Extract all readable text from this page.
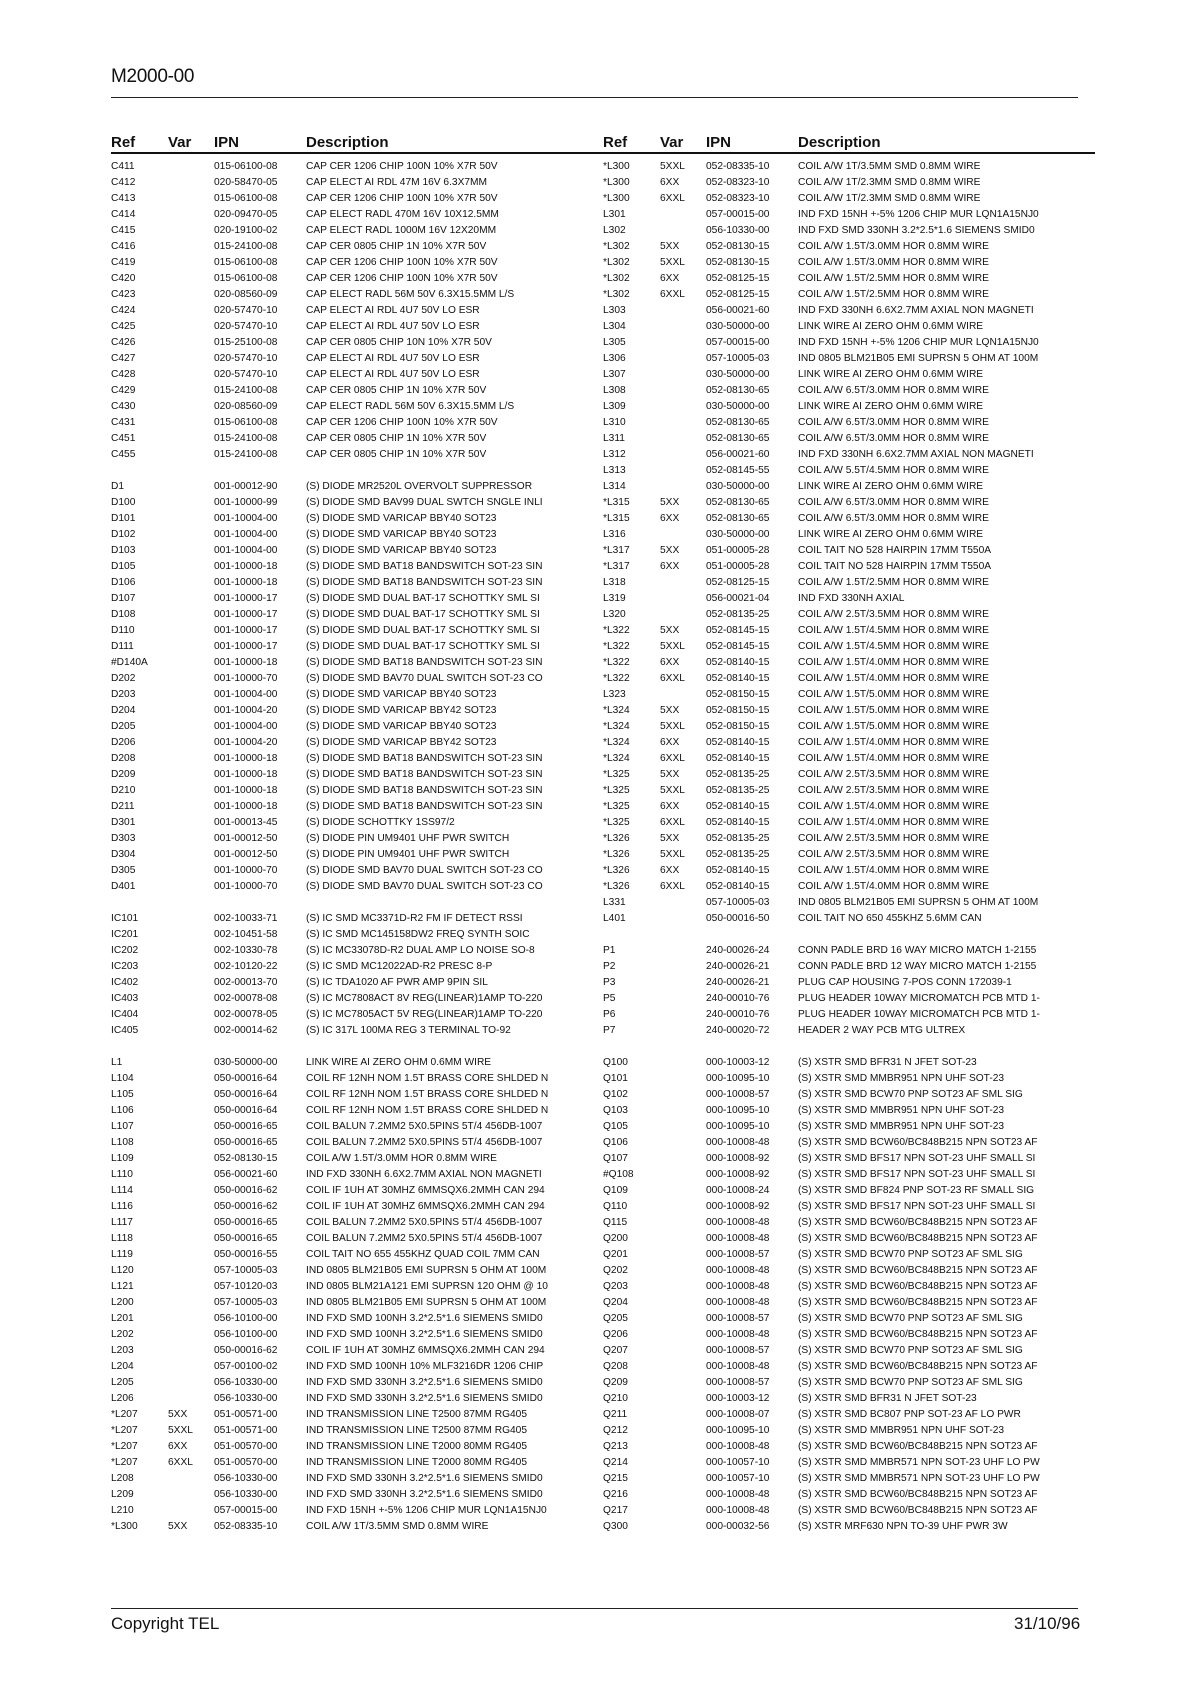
M2000-00
Ref	Var	IPN	Description
C411	015-06100-08	CAP CER 1206 CHIP 100N 10% X7R 50V
C412	020-58470-05	CAP ELECT AI RDL 47M 16V 6.3X7MM
C413	015-06100-08	CAP CER 1206 CHIP 100N 10% X7R 50V
C414	020-09470-05	CAP ELECT RADL 470M 16V 10X12.5MM
C415	020-19100-02	CAP ELECT RADL 1000M 16V 12X20MM
C416	015-24100-08	CAP CER 0805 CHIP 1N 10% X7R 50V
C419	015-06100-08	CAP CER 1206 CHIP 100N 10% X7R 50V
C420	015-06100-08	CAP CER 1206 CHIP 100N 10% X7R 50V
C423	020-08560-09	CAP ELECT RADL 56M 50V 6.3X15.5MM L/S
C424	020-57470-10	CAP ELECT AI RDL 4U7 50V LO ESR
C425	020-57470-10	CAP ELECT AI RDL 4U7 50V LO ESR
C426	015-25100-08	CAP CER 0805 CHIP 10N 10% X7R 50V
C427	020-57470-10	CAP ELECT AI RDL 4U7 50V LO ESR
C428	020-57470-10	CAP ELECT AI RDL 4U7 50V LO ESR
C429	015-24100-08	CAP CER 0805 CHIP 1N 10% X7R 50V
C430	020-08560-09	CAP ELECT RADL 56M 50V 6.3X15.5MM L/S
C431	015-06100-08	CAP CER 1206 CHIP 100N 10% X7R 50V
C451	015-24100-08	CAP CER 0805 CHIP 1N 10% X7R 50V
C455	015-24100-08	CAP CER 0805 CHIP 1N 10% X7R 50V
D1	001-00012-90	(S) DIODE MR2520L OVERVOLT SUPPRESSOR
D100	001-10000-99	(S) DIODE SMD BAV99 DUAL SWTCH SNGLE INLI
D101	001-10004-00	(S) DIODE SMD VARICAP BBY40 SOT23
D102	001-10004-00	(S) DIODE SMD VARICAP BBY40 SOT23
D103	001-10004-00	(S) DIODE SMD VARICAP BBY40 SOT23
D105	001-10000-18	(S) DIODE SMD BAT18 BANDSWITCH SOT-23 SIN
D106	001-10000-18	(S) DIODE SMD BAT18 BANDSWITCH SOT-23 SIN
D107	001-10000-17	(S) DIODE SMD DUAL BAT-17 SCHOTTKY SML SI
D108	001-10000-17	(S) DIODE SMD DUAL BAT-17 SCHOTTKY SML SI
D110	001-10000-17	(S) DIODE SMD DUAL BAT-17 SCHOTTKY SML SI
D111	001-10000-17	(S) DIODE SMD DUAL BAT-17 SCHOTTKY SML SI
#D140A	001-10000-18	(S) DIODE SMD BAT18 BANDSWITCH SOT-23 SIN
D202	001-10000-70	(S) DIODE SMD BAV70 DUAL SWITCH SOT-23 CO
D203	001-10004-00	(S) DIODE SMD VARICAP BBY40 SOT23
D204	001-10004-20	(S) DIODE SMD VARICAP BBY42 SOT23
D205	001-10004-00	(S) DIODE SMD VARICAP BBY40 SOT23
D206	001-10004-20	(S) DIODE SMD VARICAP BBY42 SOT23
D208	001-10000-18	(S) DIODE SMD BAT18 BANDSWITCH SOT-23 SIN
D209	001-10000-18	(S) DIODE SMD BAT18 BANDSWITCH SOT-23 SIN
D210	001-10000-18	(S) DIODE SMD BAT18 BANDSWITCH SOT-23 SIN
D211	001-10000-18	(S) DIODE SMD BAT18 BANDSWITCH SOT-23 SIN
D301	001-00013-45	(S) DIODE SCHOTTKY 1SS97/2
D303	001-00012-50	(S) DIODE PIN UM9401 UHF PWR SWITCH
D304	001-00012-50	(S) DIODE PIN UM9401 UHF PWR SWITCH
D305	001-10000-70	(S) DIODE SMD BAV70 DUAL SWITCH SOT-23 CO
D401	001-10000-70	(S) DIODE SMD BAV70 DUAL SWITCH SOT-23 CO
IC101	002-10033-71	(S) IC SMD MC3371D-R2 FM IF DETECT RSSI
IC201	002-10451-58	(S) IC SMD MC145158DW2 FREQ SYNTH SOIC
IC202	002-10330-78	(S) IC MC33078D-R2 DUAL AMP LO NOISE SO-8
IC203	002-10120-22	(S) IC SMD MC12022AD-R2 PRESC 8-P
IC402	002-00013-70	(S) IC TDA1020 AF PWR AMP 9PIN SIL
IC403	002-00078-08	(S) IC MC7808ACT 8V REG(LINEAR)1AMP TO-220
IC404	002-00078-05	(S) IC MC7805ACT 5V REG(LINEAR)1AMP TO-220
IC405	002-00014-62	(S) IC 317L 100MA REG 3 TERMINAL TO-92
L1	030-50000-00	LINK WIRE AI ZERO OHM 0.6MM WIRE
L104	050-00016-64	COIL RF 12NH NOM 1.5T BRASS CORE SHLDED N
L105	050-00016-64	COIL RF 12NH NOM 1.5T BRASS CORE SHLDED N
L106	050-00016-64	COIL RF 12NH NOM 1.5T BRASS CORE SHLDED N
L107	050-00016-65	COIL BALUN 7.2MM2 5X0.5PINS 5T/4 456DB-1007
L108	050-00016-65	COIL BALUN 7.2MM2 5X0.5PINS 5T/4 456DB-1007
L109	052-08130-15	COIL A/W 1.5T/3.0MM HOR 0.8MM WIRE
L110	056-00021-60	IND FXD 330NH 6.6X2.7MM AXIAL NON MAGNETI
L114	050-00016-62	COIL IF 1UH AT 30MHZ 6MMSQX6.2MMH CAN 294
L116	050-00016-62	COIL IF 1UH AT 30MHZ 6MMSQX6.2MMH CAN 294
L117	050-00016-65	COIL BALUN 7.2MM2 5X0.5PINS 5T/4 456DB-1007
L118	050-00016-65	COIL BALUN 7.2MM2 5X0.5PINS 5T/4 456DB-1007
L119	050-00016-55	COIL TAIT NO 655 455KHZ QUAD COIL 7MM CAN
L120	057-10005-03	IND 0805 BLM21B05 EMI SUPRSN 5 OHM AT 100M
L121	057-10120-03	IND 0805 BLM21A121 EMI SUPRSN 120 OHM @ 10
L200	057-10005-03	IND 0805 BLM21B05 EMI SUPRSN 5 OHM AT 100M
L201	056-10100-00	IND FXD SMD 100NH 3.2*2.5*1.6 SIEMENS SMID0
L202	056-10100-00	IND FXD SMD 100NH 3.2*2.5*1.6 SIEMENS SMID0
L203	050-00016-62	COIL IF 1UH AT 30MHZ 6MMSQX6.2MMH CAN 294
L204	057-00100-02	IND FXD SMD 100NH 10% MLF3216DR 1206 CHIP
L205	056-10330-00	IND FXD SMD 330NH 3.2*2.5*1.6 SIEMENS SMID0
L206	056-10330-00	IND FXD SMD 330NH 3.2*2.5*1.6 SIEMENS SMID0
*L207	5XX	051-00571-00	IND TRANSMISSION LINE T2500 87MM RG405
*L207	5XXL	051-00571-00	IND TRANSMISSION LINE T2500 87MM RG405
*L207	6XX	051-00570-00	IND TRANSMISSION LINE T2000 80MM RG405
*L207	6XXL	051-00570-00	IND TRANSMISSION LINE T2000 80MM RG405
L208	056-10330-00	IND FXD SMD 330NH 3.2*2.5*1.6 SIEMENS SMID0
L209	056-10330-00	IND FXD SMD 330NH 3.2*2.5*1.6 SIEMENS SMID0
L210	057-00015-00	IND FXD 15NH +-5% 1206 CHIP MUR LQN1A15NJ0
*L300	5XX	052-08335-10	COIL A/W 1T/3.5MM SMD 0.8MM WIRE
Ref	Var	IPN	Description
*L300	5XXL	052-08335-10	COIL A/W 1T/3.5MM SMD 0.8MM WIRE
*L300	6XX	052-08323-10	COIL A/W 1T/2.3MM SMD 0.8MM WIRE
*L300	6XXL	052-08323-10	COIL A/W 1T/2.3MM SMD 0.8MM WIRE
L301	057-00015-00	IND FXD 15NH +-5% 1206 CHIP MUR LQN1A15NJ0
L302	056-10330-00	IND FXD SMD 330NH 3.2*2.5*1.6 SIEMENS SMID0
*L302	5XX	052-08130-15	COIL A/W 1.5T/3.0MM HOR 0.8MM WIRE
*L302	5XXL	052-08130-15	COIL A/W 1.5T/3.0MM HOR 0.8MM WIRE
*L302	6XX	052-08125-15	COIL A/W 1.5T/2.5MM HOR 0.8MM WIRE
*L302	6XXL	052-08125-15	COIL A/W 1.5T/2.5MM HOR 0.8MM WIRE
L303	056-00021-60	IND FXD 330NH 6.6X2.7MM AXIAL NON MAGNETI
L304	030-50000-00	LINK WIRE AI ZERO OHM 0.6MM WIRE
L305	057-00015-00	IND FXD 15NH +-5% 1206 CHIP MUR LQN1A15NJ0
L306	057-10005-03	IND 0805 BLM21B05 EMI SUPRSN 5 OHM AT 100M
L307	030-50000-00	LINK WIRE AI ZERO OHM 0.6MM WIRE
L308	052-08130-65	COIL A/W 6.5T/3.0MM HOR 0.8MM WIRE
L309	030-50000-00	LINK WIRE AI ZERO OHM 0.6MM WIRE
L310	052-08130-65	COIL A/W 6.5T/3.0MM HOR 0.8MM WIRE
L311	052-08130-65	COIL A/W 6.5T/3.0MM HOR 0.8MM WIRE
L312	056-00021-60	IND FXD 330NH 6.6X2.7MM AXIAL NON MAGNETI
L313	052-08145-55	COIL A/W 5.5T/4.5MM HOR 0.8MM WIRE
L314	030-50000-00	LINK WIRE AI ZERO OHM 0.6MM WIRE
*L315	5XX	052-08130-65	COIL A/W 6.5T/3.0MM HOR 0.8MM WIRE
*L315	6XX	052-08130-65	COIL A/W 6.5T/3.0MM HOR 0.8MM WIRE
L316	030-50000-00	LINK WIRE AI ZERO OHM 0.6MM WIRE
*L317	5XX	051-00005-28	COIL TAIT NO 528 HAIRPIN 17MM T550A
*L317	6XX	051-00005-28	COIL TAIT NO 528 HAIRPIN 17MM T550A
L318	052-08125-15	COIL A/W 1.5T/2.5MM HOR 0.8MM WIRE
L319	056-00021-04	IND FXD 330NH AXIAL
L320	052-08135-25	COIL A/W 2.5T/3.5MM HOR 0.8MM WIRE
*L322	5XX	052-08145-15	COIL A/W 1.5T/4.5MM HOR 0.8MM WIRE
*L322	5XXL	052-08145-15	COIL A/W 1.5T/4.5MM HOR 0.8MM WIRE
*L322	6XX	052-08140-15	COIL A/W 1.5T/4.0MM HOR 0.8MM WIRE
*L322	6XXL	052-08140-15	COIL A/W 1.5T/4.0MM HOR 0.8MM WIRE
L323	052-08150-15	COIL A/W 1.5T/5.0MM HOR 0.8MM WIRE
*L324	5XX	052-08150-15	COIL A/W 1.5T/5.0MM HOR 0.8MM WIRE
*L324	5XXL	052-08150-15	COIL A/W 1.5T/5.0MM HOR 0.8MM WIRE
*L324	6XX	052-08140-15	COIL A/W 1.5T/4.0MM HOR 0.8MM WIRE
*L324	6XXL	052-08140-15	COIL A/W 1.5T/4.0MM HOR 0.8MM WIRE
*L325	5XX	052-08135-25	COIL A/W 2.5T/3.5MM HOR 0.8MM WIRE
*L325	5XXL	052-08135-25	COIL A/W 2.5T/3.5MM HOR 0.8MM WIRE
*L325	6XX	052-08140-15	COIL A/W 1.5T/4.0MM HOR 0.8MM WIRE
*L325	6XXL	052-08140-15	COIL A/W 1.5T/4.0MM HOR 0.8MM WIRE
*L326	5XX	052-08135-25	COIL A/W 2.5T/3.5MM HOR 0.8MM WIRE
*L326	5XXL	052-08135-25	COIL A/W 2.5T/3.5MM HOR 0.8MM WIRE
*L326	6XX	052-08140-15	COIL A/W 1.5T/4.0MM HOR 0.8MM WIRE
*L326	6XXL	052-08140-15	COIL A/W 1.5T/4.0MM HOR 0.8MM WIRE
L331	057-10005-03	IND 0805 BLM21B05 EMI SUPRSN 5 OHM AT 100M
L401	050-00016-50	COIL TAIT NO 650 455KHZ 5.6MM CAN
P1	240-00026-24	CONN PADLE BRD 16 WAY MICRO MATCH 1-2155
P2	240-00026-21	CONN PADLE BRD 12 WAY MICRO MATCH 1-2155
P3	240-00026-21	PLUG CAP HOUSING 7-POS CONN 172039-1
P5	240-00010-76	PLUG HEADER 10WAY MICROMATCH PCB MTD 1-
P6	240-00010-76	PLUG HEADER 10WAY MICROMATCH PCB MTD 1-
P7	240-00020-72	HEADER 2 WAY PCB MTG ULTREX
Q100	000-10003-12	(S) XSTR SMD BFR31 N JFET SOT-23
Q101	000-10095-10	(S) XSTR SMD MMBR951 NPN UHF SOT-23
Q102	000-10008-57	(S) XSTR SMD BCW70 PNP SOT23 AF SML SIG
Q103	000-10095-10	(S) XSTR SMD MMBR951 NPN UHF SOT-23
Q105	000-10095-10	(S) XSTR SMD MMBR951 NPN UHF SOT-23
Q106	000-10008-48	(S) XSTR SMD BCW60/BC848B215 NPN SOT23 AF
Q107	000-10008-92	(S) XSTR SMD BFS17 NPN SOT-23 UHF SMALL SI
#Q108	000-10008-92	(S) XSTR SMD BFS17 NPN SOT-23 UHF SMALL SI
Q109	000-10008-24	(S) XSTR SMD BF824 PNP SOT-23 RF SMALL SIG
Q110	000-10008-92	(S) XSTR SMD BFS17 NPN SOT-23 UHF SMALL SI
Q115	000-10008-48	(S) XSTR SMD BCW60/BC848B215 NPN SOT23 AF
Q200	000-10008-48	(S) XSTR SMD BCW60/BC848B215 NPN SOT23 AF
Q201	000-10008-57	(S) XSTR SMD BCW70 PNP SOT23 AF SML SIG
Q202	000-10008-48	(S) XSTR SMD BCW60/BC848B215 NPN SOT23 AF
Q203	000-10008-48	(S) XSTR SMD BCW60/BC848B215 NPN SOT23 AF
Q204	000-10008-48	(S) XSTR SMD BCW60/BC848B215 NPN SOT23 AF
Q205	000-10008-57	(S) XSTR SMD BCW70 PNP SOT23 AF SML SIG
Q206	000-10008-48	(S) XSTR SMD BCW60/BC848B215 NPN SOT23 AF
Q207	000-10008-57	(S) XSTR SMD BCW70 PNP SOT23 AF SML SIG
Q208	000-10008-48	(S) XSTR SMD BCW60/BC848B215 NPN SOT23 AF
Q209	000-10008-57	(S) XSTR SMD BCW70 PNP SOT23 AF SML SIG
Q210	000-10003-12	(S) XSTR SMD BFR31 N JFET SOT-23
Q211	000-10008-07	(S) XSTR SMD BC807 PNP SOT-23 AF LO PWR
Q212	000-10095-10	(S) XSTR SMD MMBR951 NPN UHF SOT-23
Q213	000-10008-48	(S) XSTR SMD BCW60/BC848B215 NPN SOT23 AF
Q214	000-10057-10	(S) XSTR SMD MMBR571 NPN SOT-23 UHF LO PW
Q215	000-10057-10	(S) XSTR SMD MMBR571 NPN SOT-23 UHF LO PW
Q216	000-10008-48	(S) XSTR SMD BCW60/BC848B215 NPN SOT23 AF
Q217	000-10008-48	(S) XSTR SMD BCW60/BC848B215 NPN SOT23 AF
Q300	000-00032-56	(S) XSTR MRF630 NPN TO-39 UHF PWR 3W
Copyright TEL	31/10/96
